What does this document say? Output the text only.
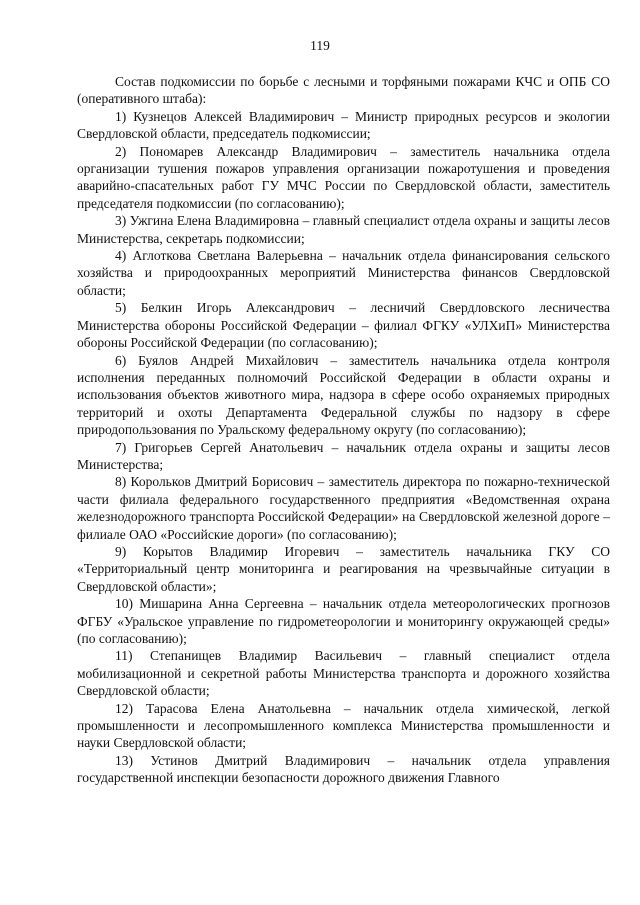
119

Состав подкомиссии по борьбе с лесными и торфяными пожарами КЧС и ОПБ СО (оперативного штаба):

1) Кузнецов Алексей Владимирович – Министр природных ресурсов и экологии Свердловской области, председатель подкомиссии;

2) Пономарев Александр Владимирович – заместитель начальника отдела организации тушения пожаров управления организации пожаротушения и проведения аварийно-спасательных работ ГУ МЧС России по Свердловской области, заместитель председателя подкомиссии (по согласованию);

3) Ужгина Елена Владимировна – главный специалист отдела охраны и защиты лесов Министерства, секретарь подкомиссии;

4) Аглоткова Светлана Валерьевна – начальник отдела финансирования сельского хозяйства и природоохранных мероприятий Министерства финансов Свердловской области;

5) Белкин Игорь Александрович – лесничий Свердловского лесничества Министерства обороны Российской Федерации – филиал ФГКУ «УЛХиП» Министерства обороны Российской Федерации (по согласованию);

6) Буялов Андрей Михайлович – заместитель начальника отдела контроля исполнения переданных полномочий Российской Федерации в области охраны и использования объектов животного мира, надзора в сфере особо охраняемых природных территорий и охоты Департамента Федеральной службы по надзору в сфере природопользования по Уральскому федеральному округу (по согласованию);

7) Григорьев Сергей Анатольевич – начальник отдела охраны и защиты лесов Министерства;

8) Корольков Дмитрий Борисович – заместитель директора по пожарно-технической части филиала федерального государственного предприятия «Ведомственная охрана железнодорожного транспорта Российской Федерации» на Свердловской железной дороге – филиале ОАО «Российские дороги» (по согласованию);

9) Корытов Владимир Игоревич – заместитель начальника ГКУ СО «Территориальный центр мониторинга и реагирования на чрезвычайные ситуации в Свердловской области»;

10) Мишарина Анна Сергеевна – начальник отдела метеорологических прогнозов ФГБУ «Уральское управление по гидрометеорологии и мониторингу окружающей среды» (по согласованию);

11) Степанищев Владимир Васильевич – главный специалист отдела мобилизационной и секретной работы Министерства транспорта и дорожного хозяйства Свердловской области;

12) Тарасова Елена Анатольевна – начальник отдела химической, легкой промышленности и лесопромышленного комплекса Министерства промышленности и науки Свердловской области;

13) Устинов Дмитрий Владимирович – начальник отдела управления государственной инспекции безопасности дорожного движения Главного
